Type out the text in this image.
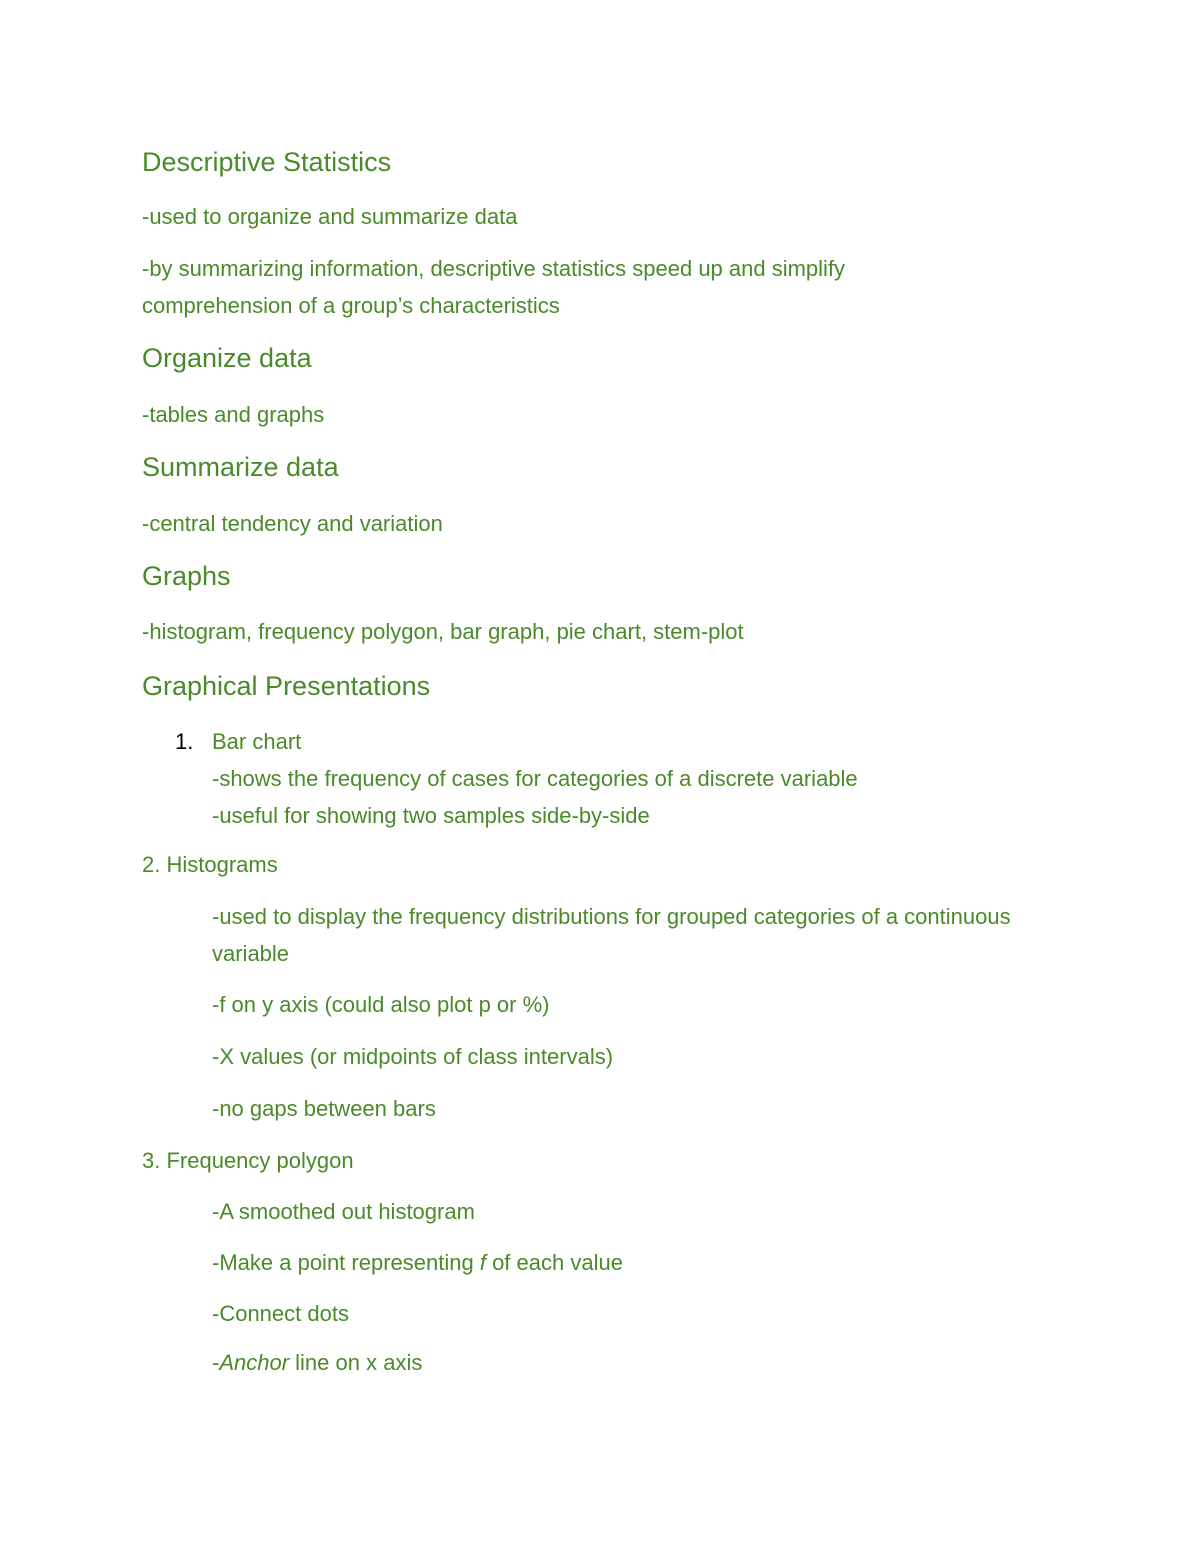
Descriptive Statistics
-used to organize and summarize data
-by summarizing information, descriptive statistics speed up and simplify comprehension of a group’s characteristics
Organize data
-tables and graphs
Summarize data
-central tendency and variation
Graphs
-histogram, frequency polygon, bar graph, pie chart, stem-plot
Graphical Presentations
1. Bar chart
-shows the frequency of cases for categories of a discrete variable
-useful for showing two samples side-by-side
2. Histograms
-used to display the frequency distributions for grouped categories of a continuous variable
-f on y axis (could also plot p or %)
-X values (or midpoints of class intervals)
-no gaps between bars
3. Frequency polygon
-A smoothed out histogram
-Make a point representing f of each value
-Connect dots
-Anchor line on x axis
